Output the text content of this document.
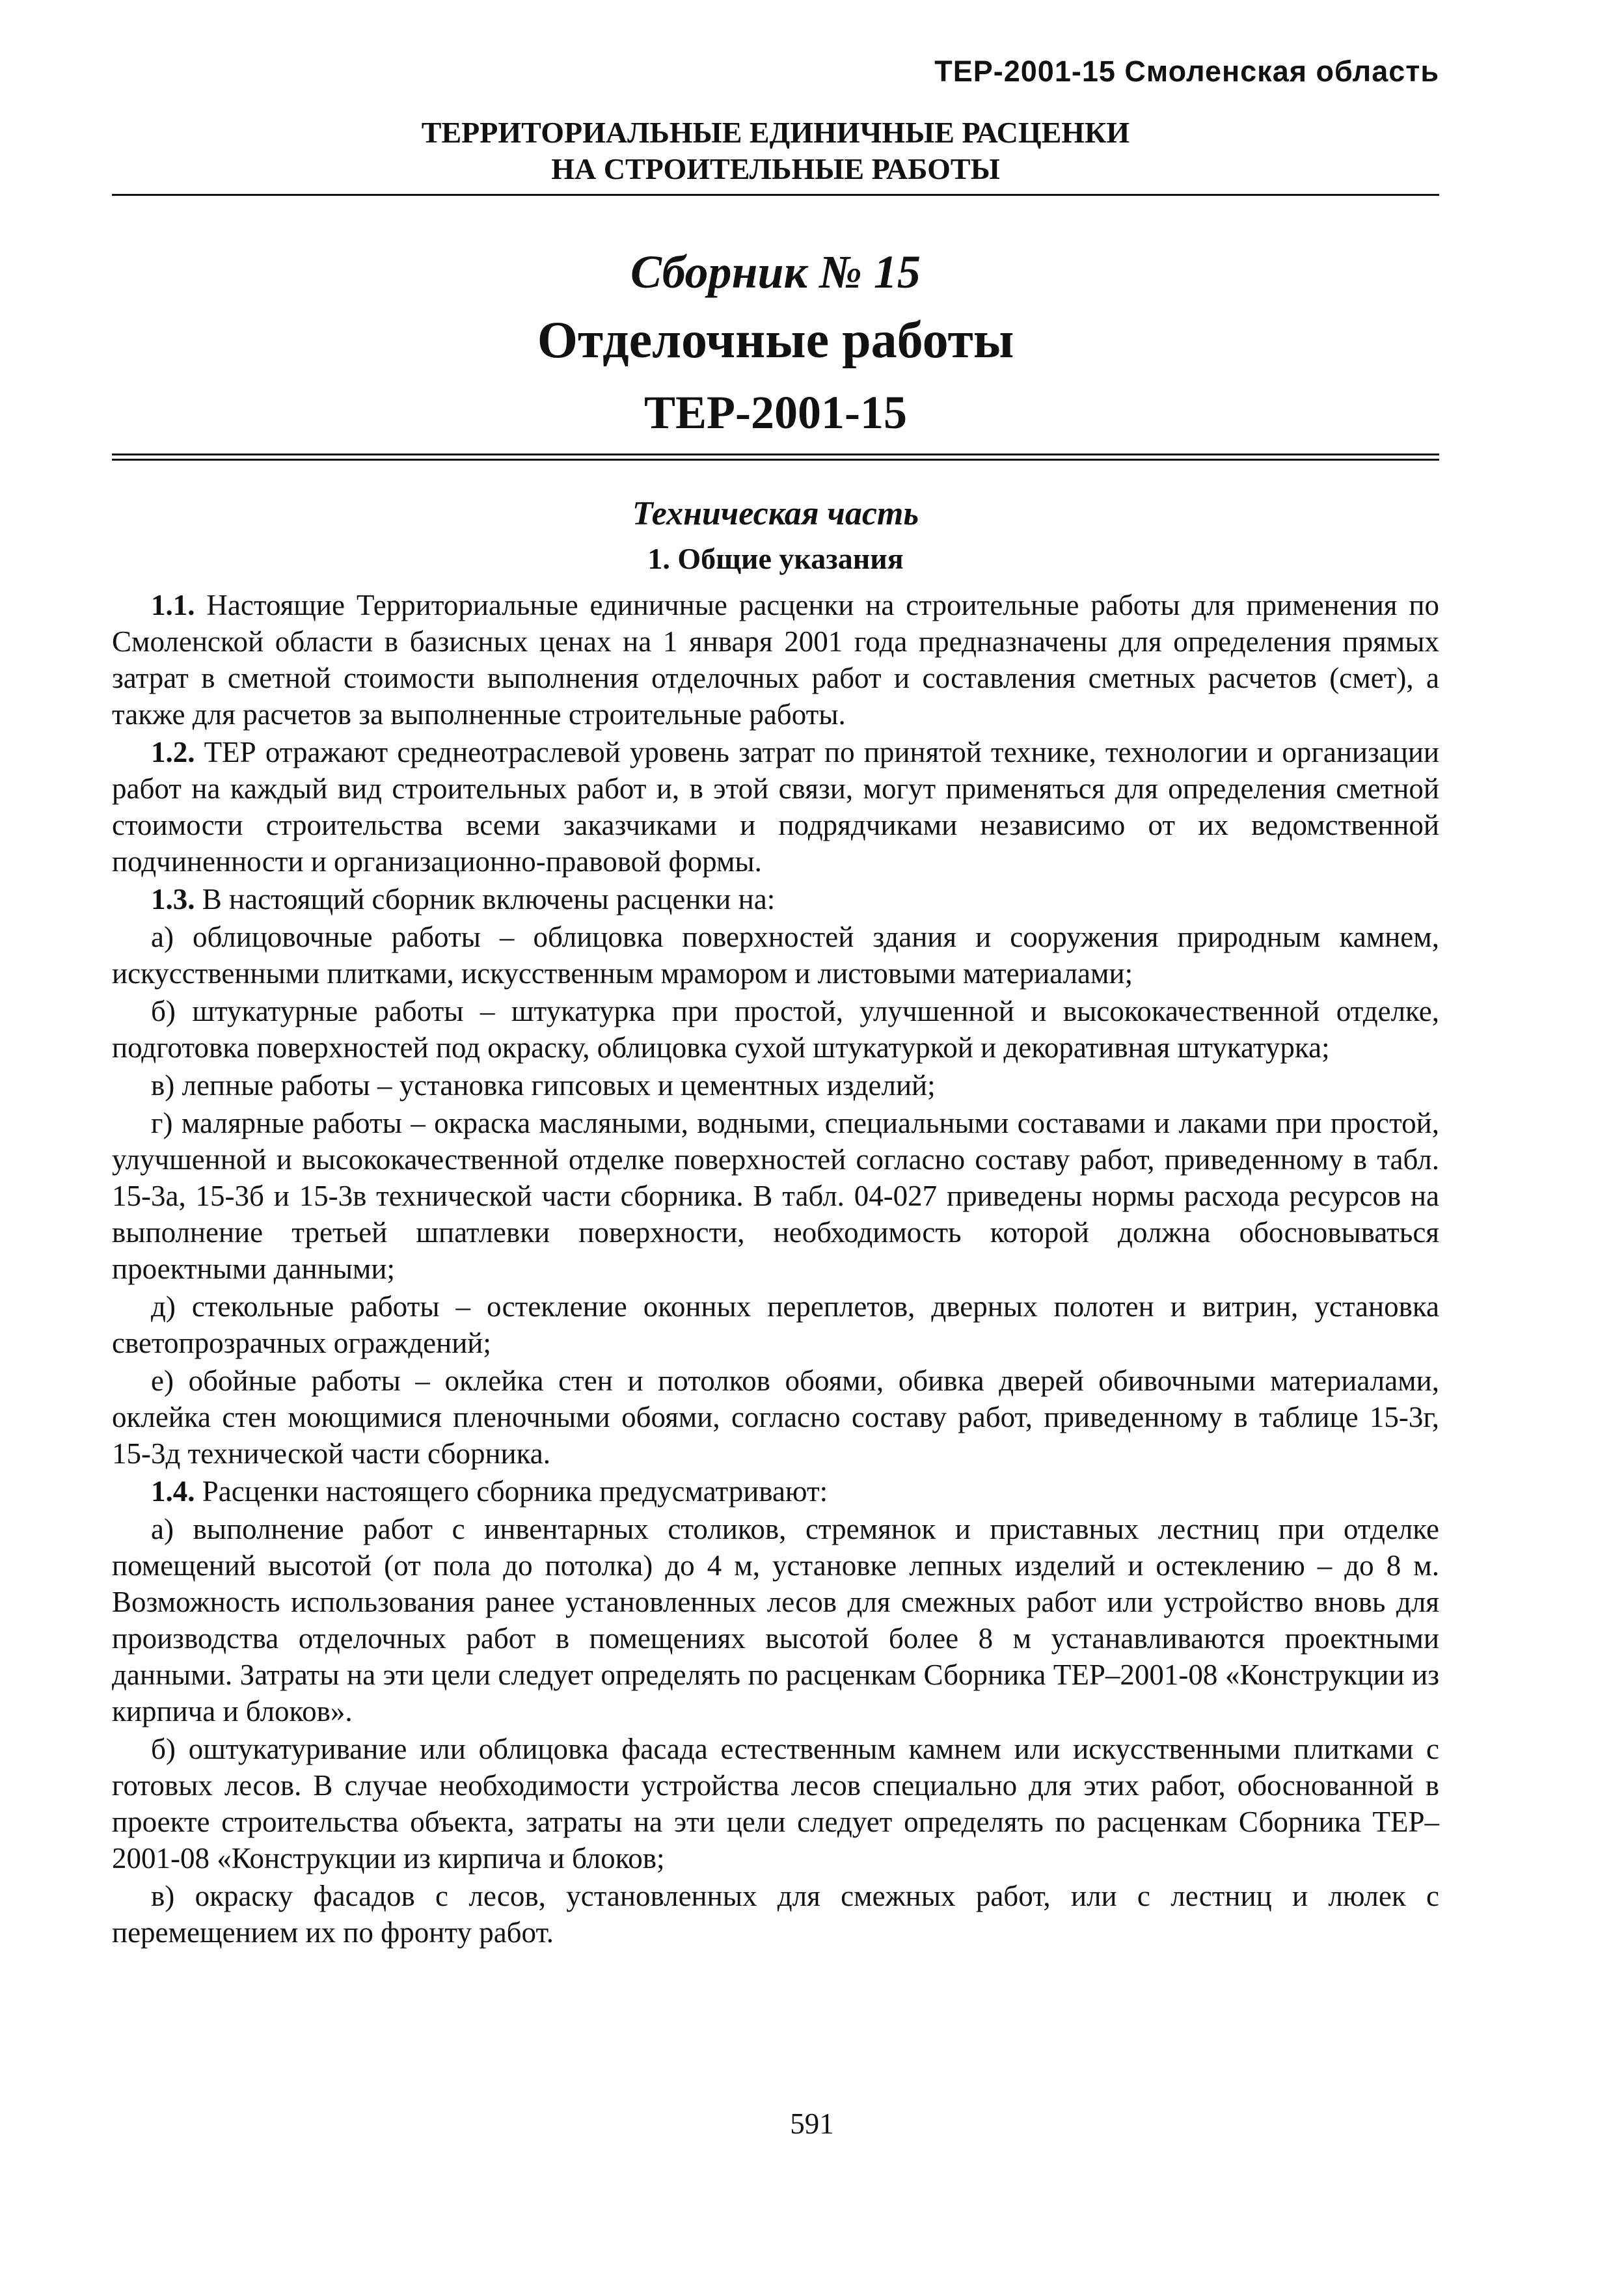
ТЕР-2001-15 Смоленская область
ТЕРРИТОРИАЛЬНЫЕ ЕДИНИЧНЫЕ РАСЦЕНКИ
НА СТРОИТЕЛЬНЫЕ РАБОТЫ
Сборник № 15
Отделочные работы
ТЕР-2001-15
Техническая часть
1. Общие указания

1.1. Настоящие Территориальные единичные расценки на строительные работы для применения по Смоленской области в базисных ценах на 1 января 2001 года предназначены для определения прямых затрат в сметной стоимости выполнения отделочных работ и составления сметных расчетов (смет), а также для расчетов за выполненные строительные работы.

1.2. ТЕР отражают среднеотраслевой уровень затрат по принятой технике, технологии и организации работ на каждый вид строительных работ и, в этой связи, могут применяться для определения сметной стоимости строительства всеми заказчиками и подрядчиками независимо от их ведомственной подчиненности и организационно-правовой формы.

1.3. В настоящий сборник включены расценки на:

а) облицовочные работы – облицовка поверхностей здания и сооружения природным камнем, искусственными плитками, искусственным мрамором и листовыми материалами;

б) штукатурные работы – штукатурка при простой, улучшенной и высококачественной отделке, подготовка поверхностей под окраску, облицовка сухой штукатуркой и декоративная штукатурка;

в) лепные работы – установка гипсовых и цементных изделий;

г) малярные работы – окраска масляными, водными, специальными составами и лаками при простой, улучшенной и высококачественной отделке поверхностей согласно составу работ, приведенному в табл. 15-3а, 15-3б и 15-3в технической части сборника. В табл. 04-027 приведены нормы расхода ресурсов на выполнение третьей шпатлевки поверхности, необходимость которой должна обосновываться проектными данными;

д) стекольные работы – остекление оконных переплетов, дверных полотен и витрин, установка светопрозрачных ограждений;

е) обойные работы – оклейка стен и потолков обоями, обивка дверей обивочными материалами, оклейка стен моющимися пленочными обоями, согласно составу работ, приведенному в таблице 15-3г, 15-3д технической части сборника.

1.4. Расценки настоящего сборника предусматривают:

а) выполнение работ с инвентарных столиков, стремянок и приставных лестниц при отделке помещений высотой (от пола до потолка) до 4 м, установке лепных изделий и остеклению – до 8 м. Возможность использования ранее установленных лесов для смежных работ или устройство вновь для производства отделочных работ в помещениях высотой более 8 м устанавливаются проектными данными. Затраты на эти цели следует определять по расценкам Сборника ТЕР–2001-08 «Конструкции из кирпича и блоков».

б) оштукатуривание или облицовка фасада естественным камнем или искусственными плитками с готовых лесов. В случае необходимости устройства лесов специально для этих работ, обоснованной в проекте строительства объекта, затраты на эти цели следует определять по расценкам Сборника ТЕР–2001-08 «Конструкции из кирпича и блоков;

в) окраску фасадов с лесов, установленных для смежных работ, или с лестниц и люлек с перемещением их по фронту работ.

591
